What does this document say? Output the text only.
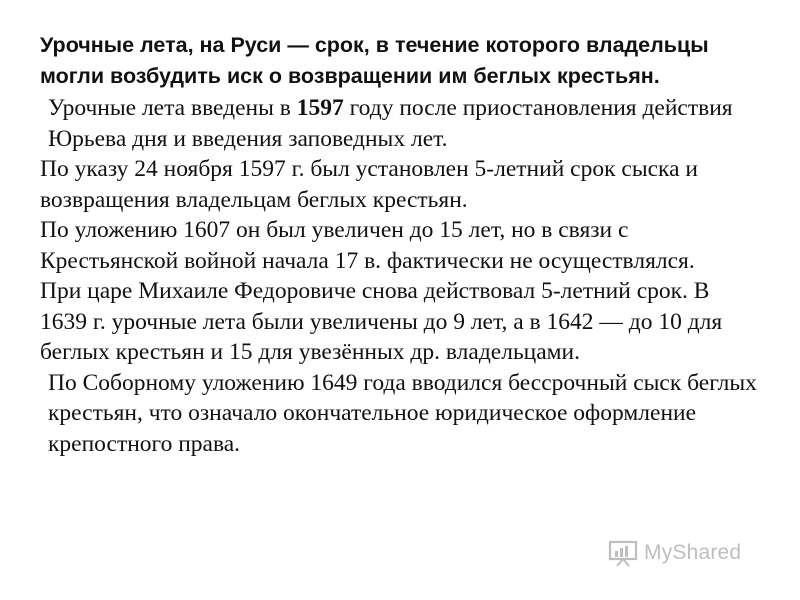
Урочные лета, на Руси — срок, в течение которого владельцы могли возбудить иск о возвращении им беглых крестьян.

Урочные лета введены в 1597 году после приостановления действия Юрьева дня и введения заповедных лет.

По указу 24 ноября 1597 г. был установлен 5-летний срок сыска и возвращения владельцам беглых крестьян.

По уложению 1607 он был увеличен до 15 лет, но в связи с Крестьянской войной начала 17 в. фактически не осуществлялся.

При царе Михаиле Федоровиче снова действовал 5-летний срок. В 1639 г. урочные лета были увеличены до 9 лет, а в 1642 — до 10 для беглых крестьян и 15 для увезённых др. владельцами.

По Соборному уложению 1649 года вводился бессрочный сыск беглых крестьян, что означало окончательное юридическое оформление крепостного права.

MyShared
